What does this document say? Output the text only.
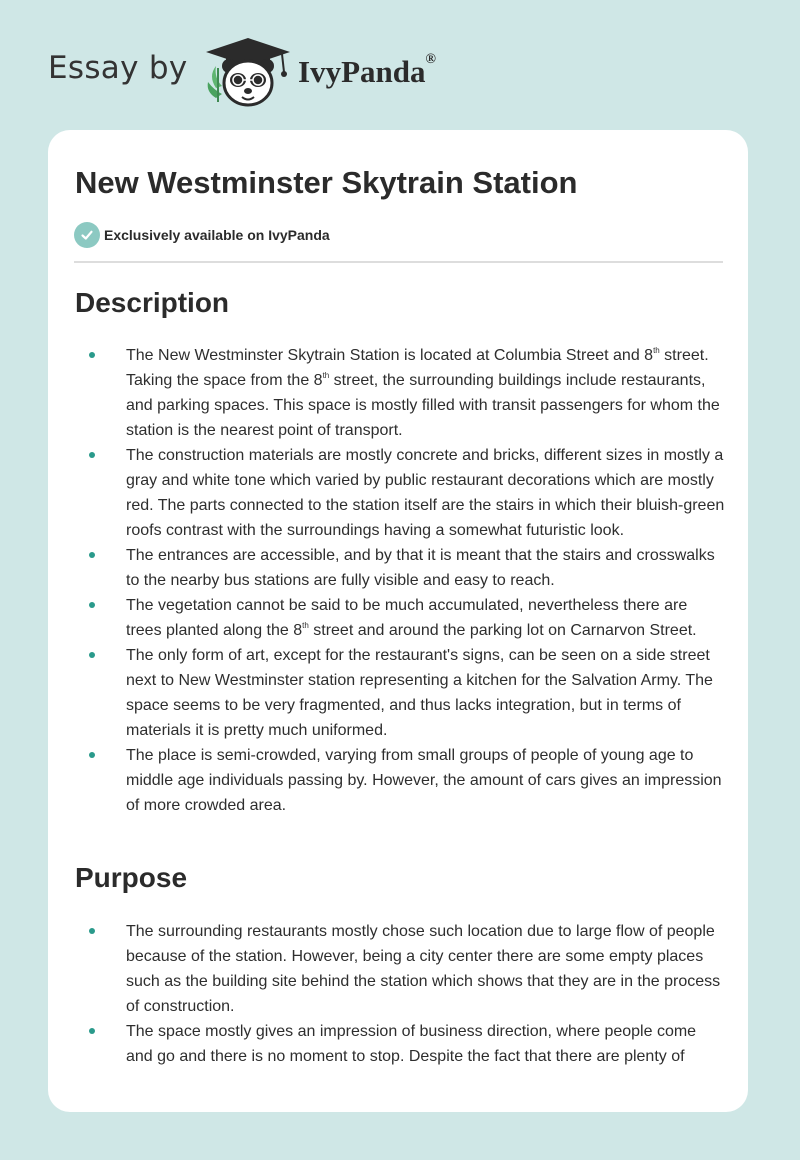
Essay by	IvyPanda®
New Westminster Skytrain Station
Exclusively available on IvyPanda
Description
The New Westminster Skytrain Station is located at Columbia Street and 8th street. Taking the space from the 8th street, the surrounding buildings include restaurants, and parking spaces. This space is mostly filled with transit passengers for whom the station is the nearest point of transport.
The construction materials are mostly concrete and bricks, different sizes in mostly a gray and white tone which varied by public restaurant decorations which are mostly red. The parts connected to the station itself are the stairs in which their bluish-green roofs contrast with the surroundings having a somewhat futuristic look.
The entrances are accessible, and by that it is meant that the stairs and crosswalks to the nearby bus stations are fully visible and easy to reach.
The vegetation cannot be said to be much accumulated, nevertheless there are trees planted along the 8th street and around the parking lot on Carnarvon Street.
The only form of art, except for the restaurant's signs, can be seen on a side street next to New Westminster station representing a kitchen for the Salvation Army. The space seems to be very fragmented, and thus lacks integration, but in terms of materials it is pretty much uniformed.
The place is semi-crowded, varying from small groups of people of young age to middle age individuals passing by. However, the amount of cars gives an impression of more crowded area.
Purpose
The surrounding restaurants mostly chose such location due to large flow of people because of the station. However, being a city center there are some empty places such as the building site behind the station which shows that they are in the process of construction.
The space mostly gives an impression of business direction, where people come and go and there is no moment to stop. Despite the fact that there are plenty of
